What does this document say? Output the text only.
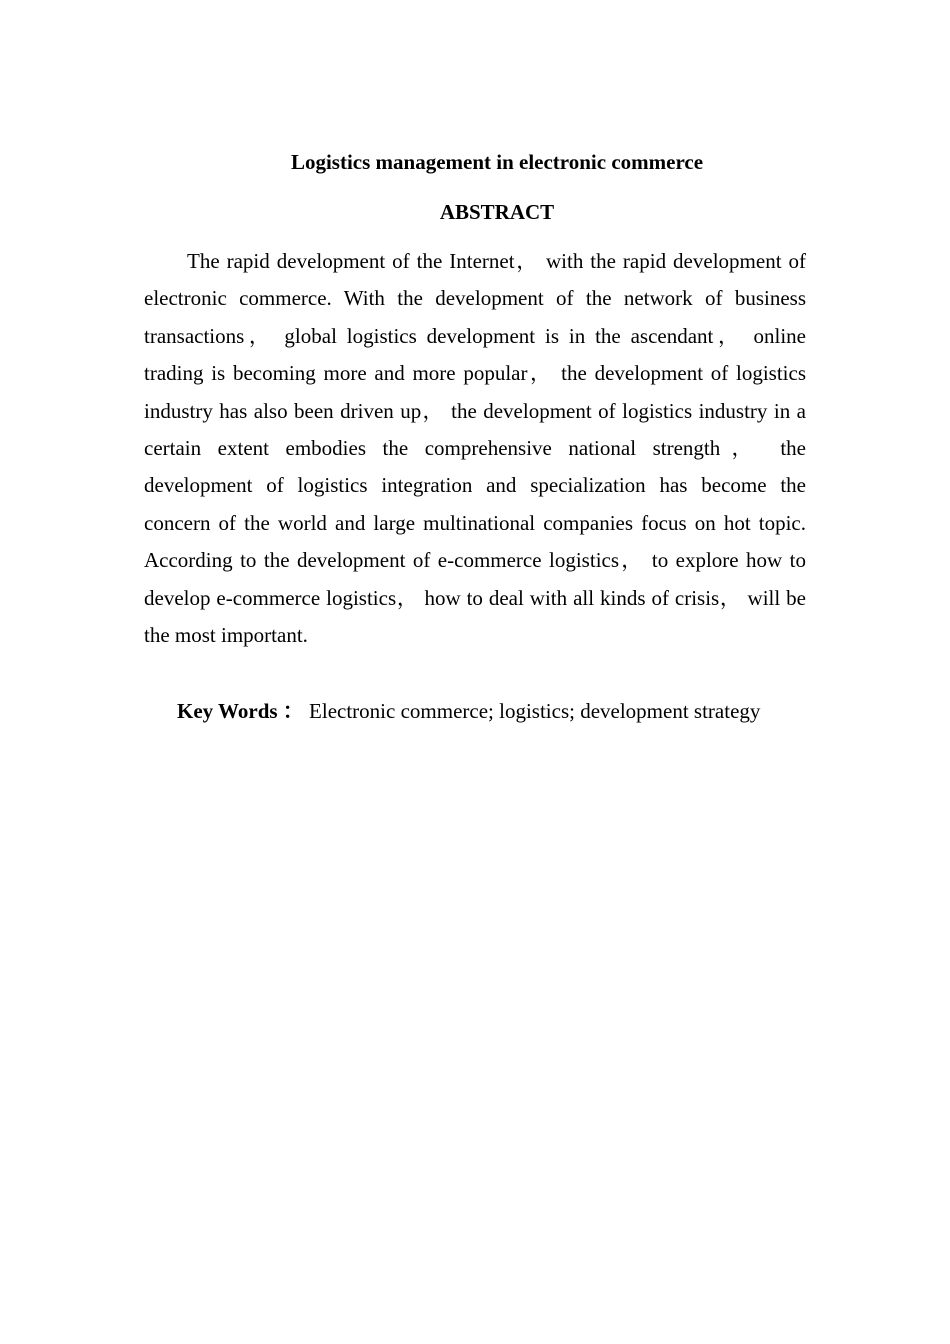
Logistics management in electronic commerce
ABSTRACT

The rapid development of the Internet， with the rapid development of electronic commerce. With the development of the network of business transactions， global logistics development is in the ascendant， online trading is becoming more and more popular， the development of logistics industry has also been driven up， the development of logistics industry in a certain extent embodies the comprehensive national strength， the development of logistics integration and specialization has become the concern of the world and large multinational companies focus on hot topic. According to the development of e-commerce logistics， to explore how to develop e-commerce logistics， how to deal with all kinds of crisis， will be the most important.

Key Words ： Electronic commerce; logistics; development strategy
